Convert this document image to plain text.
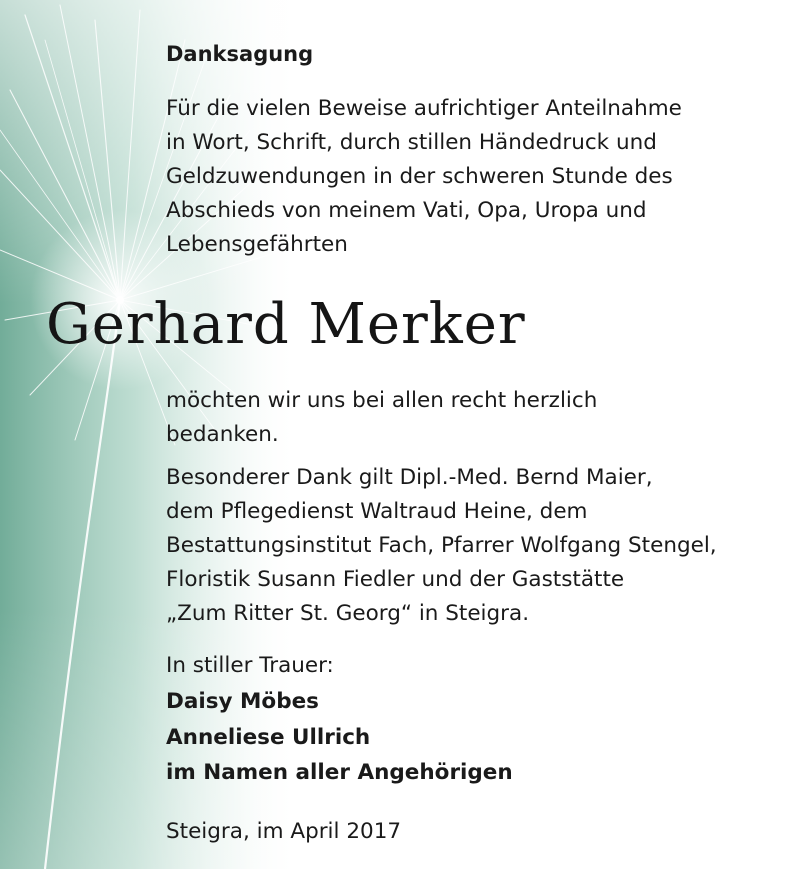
Danksagung

Für die vielen Beweise aufrichtiger Anteilnahme
in Wort, Schrift, durch stillen Händedruck und
Geldzuwendungen in der schweren Stunde des
Abschieds von meinem Vati, Opa, Uropa und
Lebensgefährten

Gerhard Merker

möchten wir uns bei allen recht herzlich
bedanken.

Besonderer Dank gilt Dipl.-Med. Bernd Maier,
dem Pflegedienst Waltraud Heine, dem
Bestattungsinstitut Fach, Pfarrer Wolfgang Stengel,
Floristik Susann Fiedler und der Gaststätte
„Zum Ritter St. Georg“ in Steigra.

In stiller Trauer:

Daisy Möbes

Anneliese Ullrich

im Namen aller Angehörigen

Steigra, im April 2017
